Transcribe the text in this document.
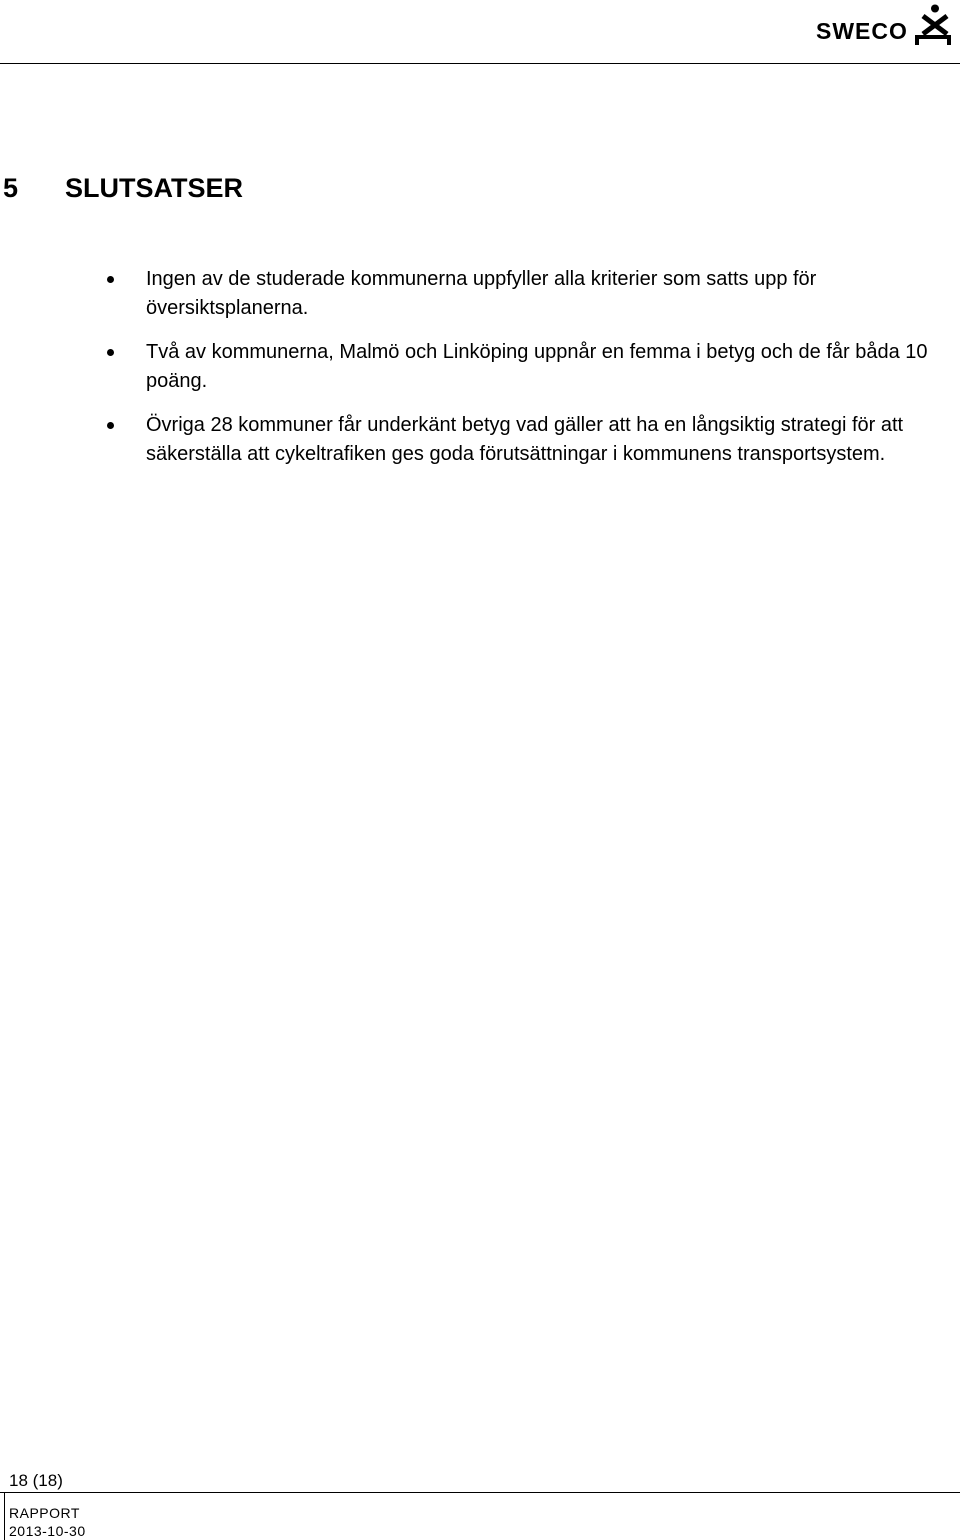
SWECO
5 SLUTSATSER
Ingen av de studerade kommunerna uppfyller alla kriterier som satts upp för översiktsplanerna.
Två av kommunerna, Malmö och Linköping uppnår en femma i betyg och de får båda 10 poäng.
Övriga 28 kommuner får underkänt betyg vad gäller att ha en långsiktig strategi för att säkerställa att cykeltrafiken ges goda förutsättningar i kommunens transportsystem.
18 (18)
RAPPORT
2013-10-30
